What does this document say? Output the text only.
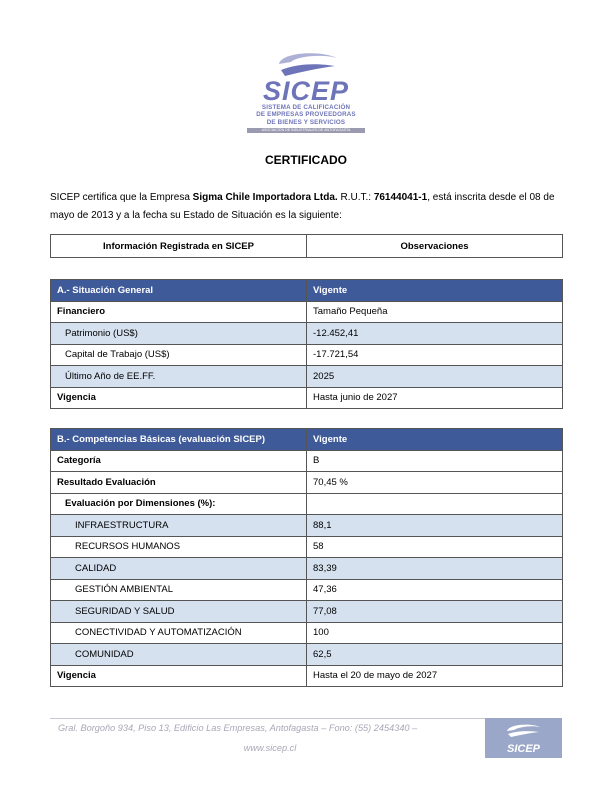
SICEP
SISTEMA DE CALIFICACIÓN
DE EMPRESAS PROVEEDORAS
DE BIENES Y SERVICIOS
ASOCIACIÓN DE INDUSTRIALES DE ANTOFAGASTA
CERTIFICADO
SICEP certifica que la Empresa Sigma Chile Importadora Ltda. R.U.T.: 76144041-1, está inscrita desde el 08 de mayo de 2013 y a la fecha su Estado de Situación es la siguiente:
Información Registrada en SICEP	Observaciones
A.- Situación General	Vigente
Financiero	Tamaño Pequeña
Patrimonio (US$)	-12.452,41
Capital de Trabajo (US$)	-17.721,54
Último Año de EE.FF.	2025
Vigencia	Hasta junio de 2027
B.- Competencias Básicas (evaluación SICEP)	Vigente
Categoría	B
Resultado Evaluación	70,45 %
Evaluación por Dimensiones (%):	
INFRAESTRUCTURA	88,1
RECURSOS HUMANOS	58
CALIDAD	83,39
GESTIÓN AMBIENTAL	47,36
SEGURIDAD Y SALUD	77,08
CONECTIVIDAD Y AUTOMATIZACIÓN	100
COMUNIDAD	62,5
Vigencia	Hasta el 20 de mayo de 2027
Gral. Borgoño 934, Piso 13, Edificio Las Empresas, Antofagasta – Fono: (55) 2454340 –
www.sicep.cl	SICEP
